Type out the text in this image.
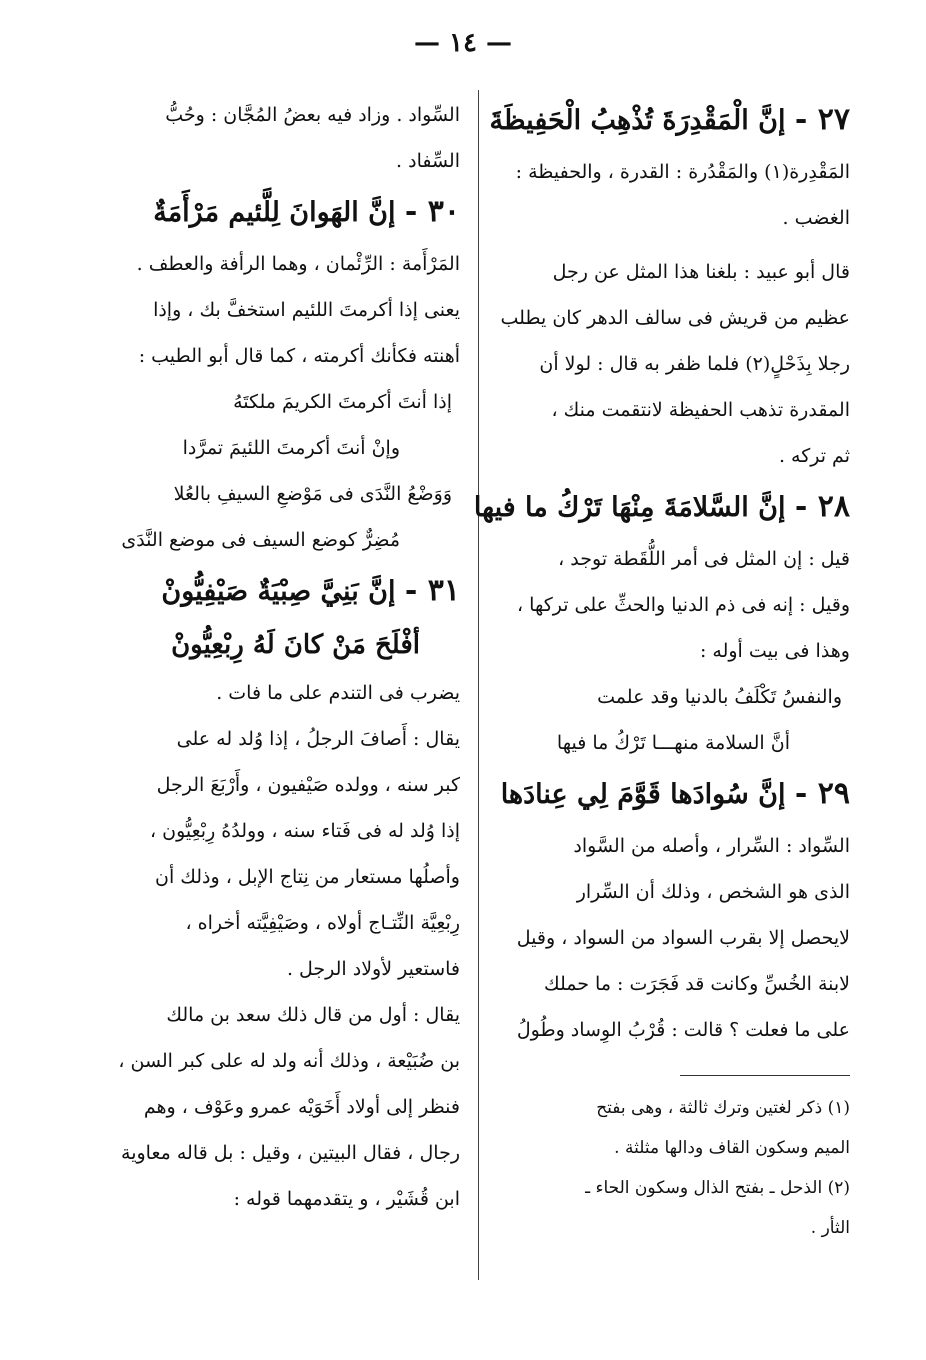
— ١٤ —
٢٧ - إنَّ الْمَقْدِرَةَ تُذْهِبُ الْحَفِيظَةَ
المَقْدِرة(١) والمَقْدُرة : القدرة ، والحفيظة :
الغضب .
قال أبو عبيد : بلغنا هذا المثل عن رجل
عظيم من قريش فى سالف الدهر كان يطلب
رجلا بِذَحْلٍ(٢) فلما ظفر به قال : لولا أن
المقدرة تذهب الحفيظة لانتقمت منك ،
ثم تركه .
٢٨ - إنَّ السَّلامَةَ مِنْهَا تَرْكُ ما فيها
قيل : إن المثل فى أمر اللُّقَطة توجد ،
وقيل : إنه فى ذم الدنيا والحثِّ على تركها ،
وهذا فى بيت أوله :
والنفسُ تَكْلَفُ بالدنيا وقد علمت
أنَّ السلامة منهـــا تَرْكُ ما فيها
٢٩ - إنَّ سُوادَها قَوَّمَ لِي عِنادَها
السِّواد : السِّرار ، وأصله من السَّواد
الذى هو الشخص ، وذلك أن السِّرار
لايحصل إلا بقرب السواد من السواد ، وقيل
لابنة الخُسِّ وكانت قد فَجَرَت : ما حملك
على ما فعلت ؟ قالت : قُرْبُ الوِساد وطُولُ
(١) ذكر لغتين وترك ثالثة ، وهى بفتح
الميم وسكون القاف ودالها مثلثة .
(٢) الذحل ـ بفتح الذال وسكون الحاء ـ
الثأر .
السِّواد . وزاد فيه بعضُ المُجَّان : وحُبُّ
السِّفاد .
٣٠ - إنَّ الهَوانَ لِلَّئيم مَرْأَمَةٌ
المَرْأَمة : الرِّئْمان ، وهما الرأفة والعطف .
يعنى إذا أكرمتَ اللئيم استخفَّ بك ، وإذا
أهنته فكأنك أكرمته ، كما قال أبو الطيب :
إذا أنتَ أكرمتَ الكريمَ ملكتَهُ
وإنْ أنتَ أكرمتَ اللئيمَ تمرَّدا
وَوَضْعُ النَّدَى فى مَوْضعِ السيفِ بالعُلا
مُضِرٌّ كوضع السيف فى موضع النَّدَى
٣١ - إنَّ بَنِيَّ صِبْيَةٌ صَيْفِيُّونْ
أفْلَحَ مَنْ كانَ لَهُ رِبْعِيُّونْ
يضرب فى التندم على ما فات .
يقال : أَصافَ الرجلُ ، إذا وُلد له على
كبر سنه ، وولده صَيْفيون ، وأَرْبَعَ الرجل
إذا وُلد له فى فَتاء سنه ، وولدُهُ رِبْعِيُّون ،
وأصلُها مستعار من نِتاج الإبل ، وذلك أن
رِبْعِيَّة النِّتـاج أولاه ، وصَيْفِيَّته أخراه ،
فاستعير لأولاد الرجل .
يقال : أول من قال ذلك سعد بن مالك
بن ضُبَيْعة ، وذلك أنه ولد له على كبر السن ،
فنظر إلى أولاد أَخَوَيْه عمرو وعَوْف ، وهم
رجال ، فقال البيتين ، وقيل : بل قاله معاوية
ابن قُشَيْر ، و يتقدمهما قوله :
